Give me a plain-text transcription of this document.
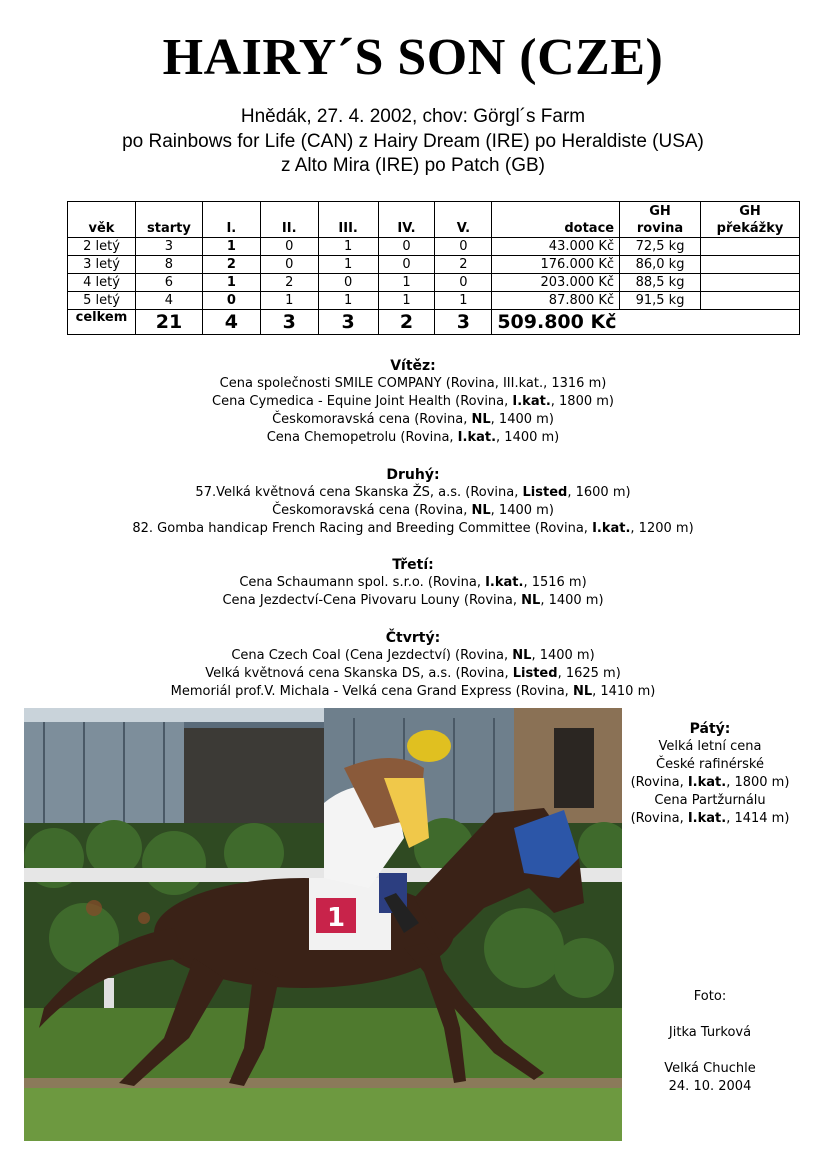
HAIRY´S SON (CZE)
Hnědák, 27. 4. 2002, chov: Görgl´s Farm
po Rainbows for Life (CAN) z Hairy Dream (IRE) po Heraldiste (USA)
z Alto Mira (IRE) po Patch (GB)
věk	starty	I.	II.	III.	IV.	V.	dotace	GH rovina	GH překážky
2 letý	3	1	0	1	0	0	43.000 Kč	72,5 kg	
3 letý	8	2	0	1	0	2	176.000 Kč	86,0 kg	
4 letý	6	1	2	0	1	0	203.000 Kč	88,5 kg	
5 letý	4	0	1	1	1	1	87.800 Kč	91,5 kg	
celkem	21	4	3	3	2	3	509.800 Kč		
Vítěz:
Cena společnosti SMILE COMPANY (Rovina, III.kat., 1316 m)
Cena Cymedica - Equine Joint Health (Rovina, I.kat., 1800 m)
Českomoravská cena (Rovina, NL, 1400 m)
Cena Chemopetrolu (Rovina, I.kat., 1400 m)
Druhý:
57.Velká květnová cena Skanska ŽS, a.s. (Rovina, Listed, 1600 m)
Českomoravská cena (Rovina, NL, 1400 m)
82. Gomba handicap French Racing and Breeding Committee (Rovina, I.kat., 1200 m)
Třetí:
Cena Schaumann spol. s.r.o. (Rovina, I.kat., 1516 m)
Cena Jezdectví-Cena Pivovaru Louny (Rovina, NL, 1400 m)
Čtvrtý:
Cena Czech Coal (Cena Jezdectví) (Rovina, NL, 1400 m)
Velká květnová cena Skanska DS, a.s. (Rovina, Listed, 1625 m)
Memoriál prof.V. Michala - Velká cena Grand Express (Rovina, NL, 1410 m)
1
Pátý:
Velká letní cena
České rafinérské
(Rovina, I.kat., 1800 m)
Cena Partžurnálu
(Rovina, I.kat., 1414 m)
Foto:
Jitka Turková
Velká Chuchle
24. 10. 2004
